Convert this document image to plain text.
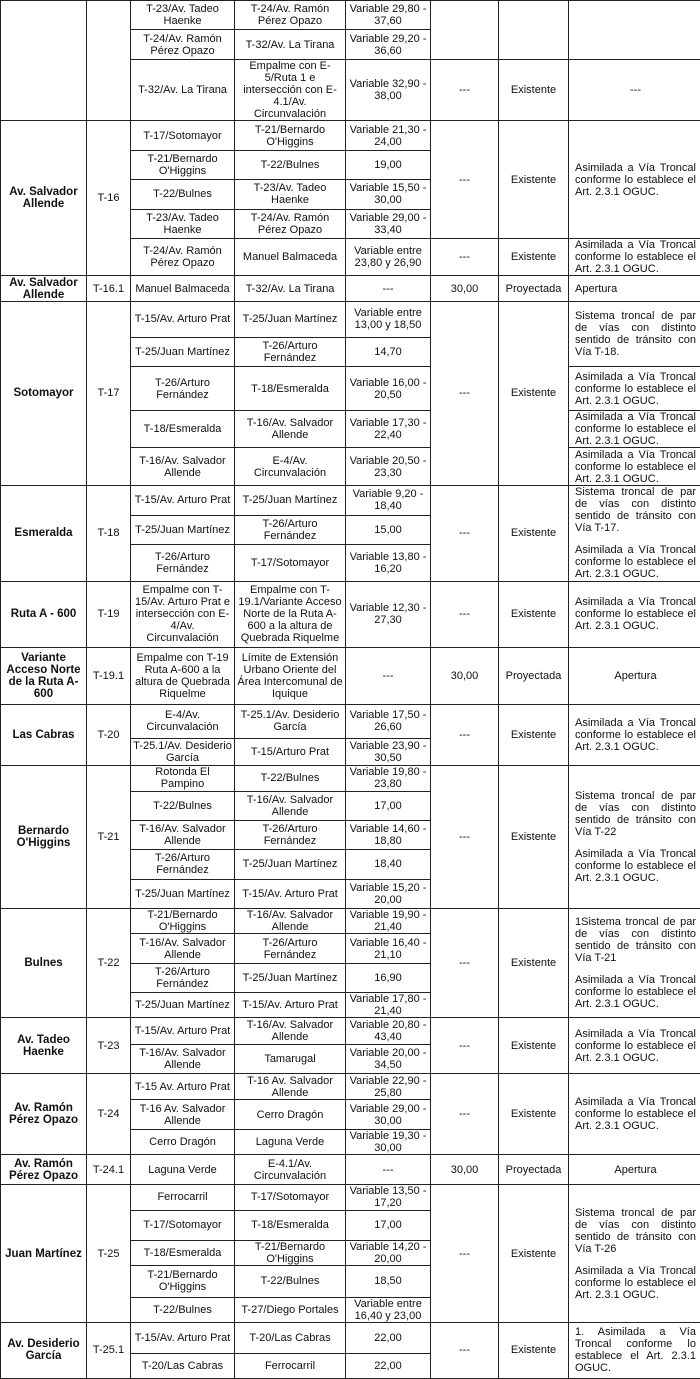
		T-23/Av. Tadeo Haenke	T-24/Av. Ramón Pérez Opazo	Variable 29,80 - 37,60			
		T-24/Av. Ramón Pérez Opazo	T-32/Av. La Tirana	Variable 29,20 - 36,60			
		T-32/Av. La Tirana	Empalme con E-5/Ruta 1 e intersección con E-4.1/Av. Circunvalación	Variable 32,90 - 38,00	---	Existente	---
Av. Salvador Allende	T-16	T-17/Sotomayor	T-21/Bernardo O'Higgins	Variable 21,30 - 24,00	---	Existente	Asimilada a Vía Troncal conforme lo establece el Art. 2.3.1 OGUC.

		T-21/Bernardo O'Higgins	T-22/Bulnes	19,00			
		T-22/Bulnes	T-23/Av. Tadeo Haenke	Variable 15,50 - 30,00			
		T-23/Av. Tadeo Haenke	T-24/Av. Ramón Pérez Opazo	Variable 29,00 - 33,40			
		T-24/Av. Ramón Pérez Opazo	Manuel Balmaceda	Variable entre 23,80 y 26,90	---	Existente	Asimilada a Vía Troncal conforme lo establece el Art. 2.3.1 OGUC.

Av. Salvador Allende	T-16.1	Manuel Balmaceda	T-32/Av. La Tirana	---	30,00	Proyectada	Apertura
Sotomayor	T-17	T-15/Av. Arturo Prat	T-25/Juan Martínez	Variable entre 13,00 y 18,50	---	Existente	Sistema troncal de par de vías con distinto sentido de tránsito con Vía T-18.

		T-25/Juan Martínez	T-26/Arturo Fernández	14,70			
		T-26/Arturo Fernández	T-18/Esmeralda	Variable 16,00 - 20,50			Asimilada a Vía Troncal conforme lo establece el Art. 2.3.1 OGUC.

		T-18/Esmeralda	T-16/Av. Salvador Allende	Variable 17,30 - 22,40			Asimilada a Vía Troncal conforme lo establece el Art. 2.3.1 OGUC.

		T-16/Av. Salvador Allende	E-4/Av. Circunvalación	Variable 20,50 - 23,30			Asimilada a Vía Troncal conforme lo establece el Art. 2.3.1 OGUC.

Esmeralda	T-18	T-15/Av. Arturo Prat	T-25/Juan Martínez	Variable 9,20 - 18,40	---	Existente	Sistema troncal de par de vías con distinto sentido de tránsito con Vía T-17.

Asimilada a Vía Troncal conforme lo establece el Art. 2.3.1 OGUC.

		T-25/Juan Martínez	T-26/Arturo Fernández	15,00			
		T-26/Arturo Fernández	T-17/Sotomayor	Variable 13,80 - 16,20			
Ruta A - 600	T-19	Empalme con T-15/Av. Arturo Prat e intersección con E-4/Av. Circunvalación	Empalme con T-19.1/Variante Acceso Norte de la Ruta A-600 a la altura de Quebrada Riquelme	Variable 12,30 - 27,30	---	Existente	Asimilada a Vía Troncal conforme lo establece el Art. 2.3.1 OGUC.

Variante Acceso Norte de la Ruta A-600	T-19.1	Empalme con T-19 Ruta A-600 a la altura de Quebrada Riquelme	Límite de Extensión Urbano Oriente del Área Intercomunal de Iquique	---	30,00	Proyectada	Apertura
Las Cabras	T-20	E-4/Av. Circunvalación	T-25.1/Av. Desiderio García	Variable 17,50 - 26,60	---	Existente	Asimilada a Vía Troncal conforme lo establece el Art. 2.3.1 OGUC.

		T-25.1/Av. Desiderio García	T-15/Arturo Prat	Variable 23,90 - 30,50			
Bernardo O'Higgins	T-21	Rotonda El Pampino	T-22/Bulnes	Variable 19,80 - 23,80	---	Existente	Sistema troncal de par de vías con distinto sentido de tránsito con Vía T-22

Asimilada a Vía Troncal conforme lo establece el Art. 2.3.1 OGUC.

		T-22/Bulnes	T-16/Av. Salvador Allende	17,00			
		T-16/Av. Salvador Allende	T-26/Arturo Fernández	Variable 14,60 - 18,80			
		T-26/Arturo Fernández	T-25/Juan Martínez	18,40			
		T-25/Juan Martínez	T-15/Av. Arturo Prat	Variable 15,20 - 20,00			
Bulnes	T-22	T-21/Bernardo O'Higgins	T-16/Av. Salvador Allende	Variable 19,90 - 21,40	---	Existente	1Sistema troncal de par de vías con distinto sentido de tránsito con Vía T-21

Asimilada a Vía Troncal conforme lo establece el Art. 2.3.1 OGUC.

		T-16/Av. Salvador Allende	T-26/Arturo Fernández	Variable 16,40 - 21,10			
		T-26/Arturo Fernández	T-25/Juan Martínez	16,90			
		T-25/Juan Martínez	T-15/Av. Arturo Prat	Variable 17,80 - 21,40			
Av. Tadeo Haenke	T-23	T-15/Av. Arturo Prat	T-16/Av. Salvador Allende	Variable 20,80 - 43,40	---	Existente	Asimilada a Vía Troncal conforme lo establece el Art. 2.3.1 OGUC.

		T-16/Av. Salvador Allende	Tamarugal	Variable 20,00 - 34,50			
Av. Ramón Pérez Opazo	T-24	T-15 Av. Arturo Prat	T-16 Av. Salvador Allende	Variable 22,90 - 25,80	---	Existente	Asimilada a Vía Troncal conforme lo establece el Art. 2.3.1 OGUC.

		T-16 Av. Salvador Allende	Cerro Dragón	Variable 29,00 - 30,00			
		Cerro Dragón	Laguna Verde	Variable 19,30 - 30,00			
Av. Ramón Pérez Opazo	T-24.1	Laguna Verde	E-4.1/Av. Circunvalación	---	30,00	Proyectada	Apertura
Juan Martínez	T-25	Ferrocarril	T-17/Sotomayor	Variable 13,50 - 17,20	---	Existente	Sistema troncal de par de vías con distinto sentido de tránsito con Vía T-26

Asimilada a Vía Troncal conforme lo establece el Art. 2.3.1 OGUC.

		T-17/Sotomayor	T-18/Esmeralda	17,00			
		T-18/Esmeralda	T-21/Bernardo O'Higgins	Variable 14,20 - 20,00			
		T-21/Bernardo O'Higgins	T-22/Bulnes	18,50			
		T-22/Bulnes	T-27/Diego Portales	Variable entre 16,40 y 23,00			
Av. Desiderio García	T-25.1	T-15/Av. Arturo Prat	T-20/Las Cabras	22,00	---	Existente	1. Asimilada a Vía Troncal conforme lo establece el Art. 2.3.1 OGUC.

		T-20/Las Cabras	Ferrocarril	22,00			
